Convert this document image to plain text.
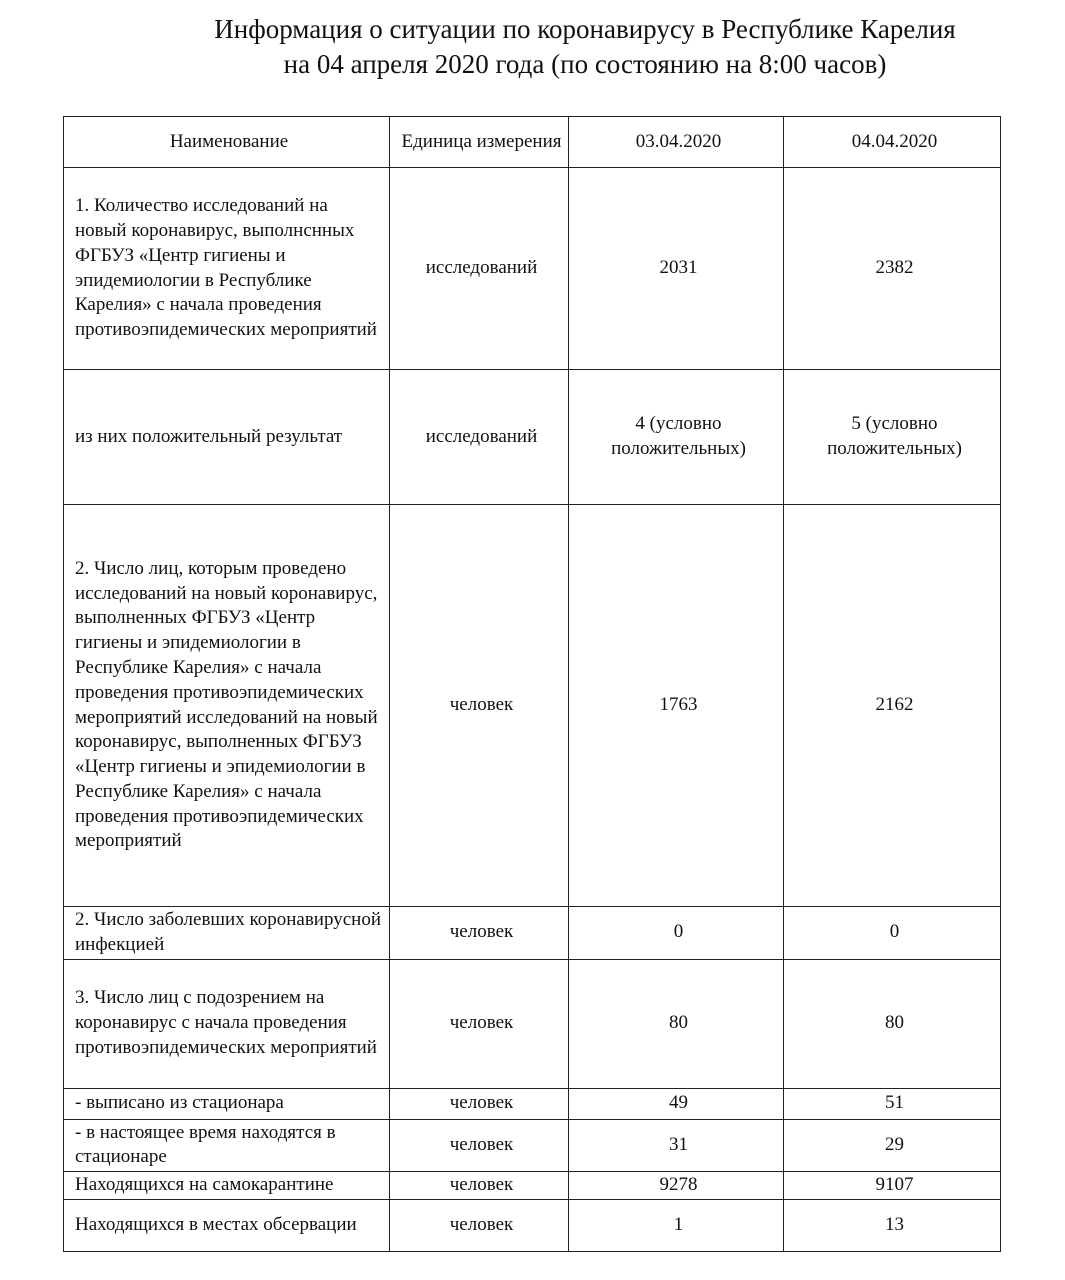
Информация о ситуации по коронавирусу в Республике Карелия
на 04 апреля 2020 года (по состоянию на 8:00 часов)
Наименование	Единица измерения	03.04.2020	04.04.2020
1. Количество исследований на новый коронавирус, выполнснных ФГБУЗ «Центр гигиены и эпидемиологии в Республике Карелия» с начала проведения противоэпидемических мероприятий	исследований	2031	2382
из них положительный результат	исследований	4 (условно положительных)	5 (условно положительных)
2. Число лиц, которым проведено исследований на новый коронавирус, выполненных ФГБУЗ «Центр гигиены и эпидемиологии в Республике Карелия» с начала проведения противоэпидемических мероприятий исследований на новый коронавирус, выполненных ФГБУЗ «Центр гигиены и эпидемиологии в Республике Карелия» с начала проведения противоэпидемических мероприятий	человек	1763	2162
2. Число заболевших коронавирусной инфекцией	человек	0	0
3. Число лиц с подозрением на коронавирус с начала проведения противоэпидемических мероприятий	человек	80	80
- выписано из стационара	человек	49	51
- в настоящее время находятся в стационаре	человек	31	29
Находящихся на самокарантине	человек	9278	9107
Находящихся в местах обсервации	человек	1	13
